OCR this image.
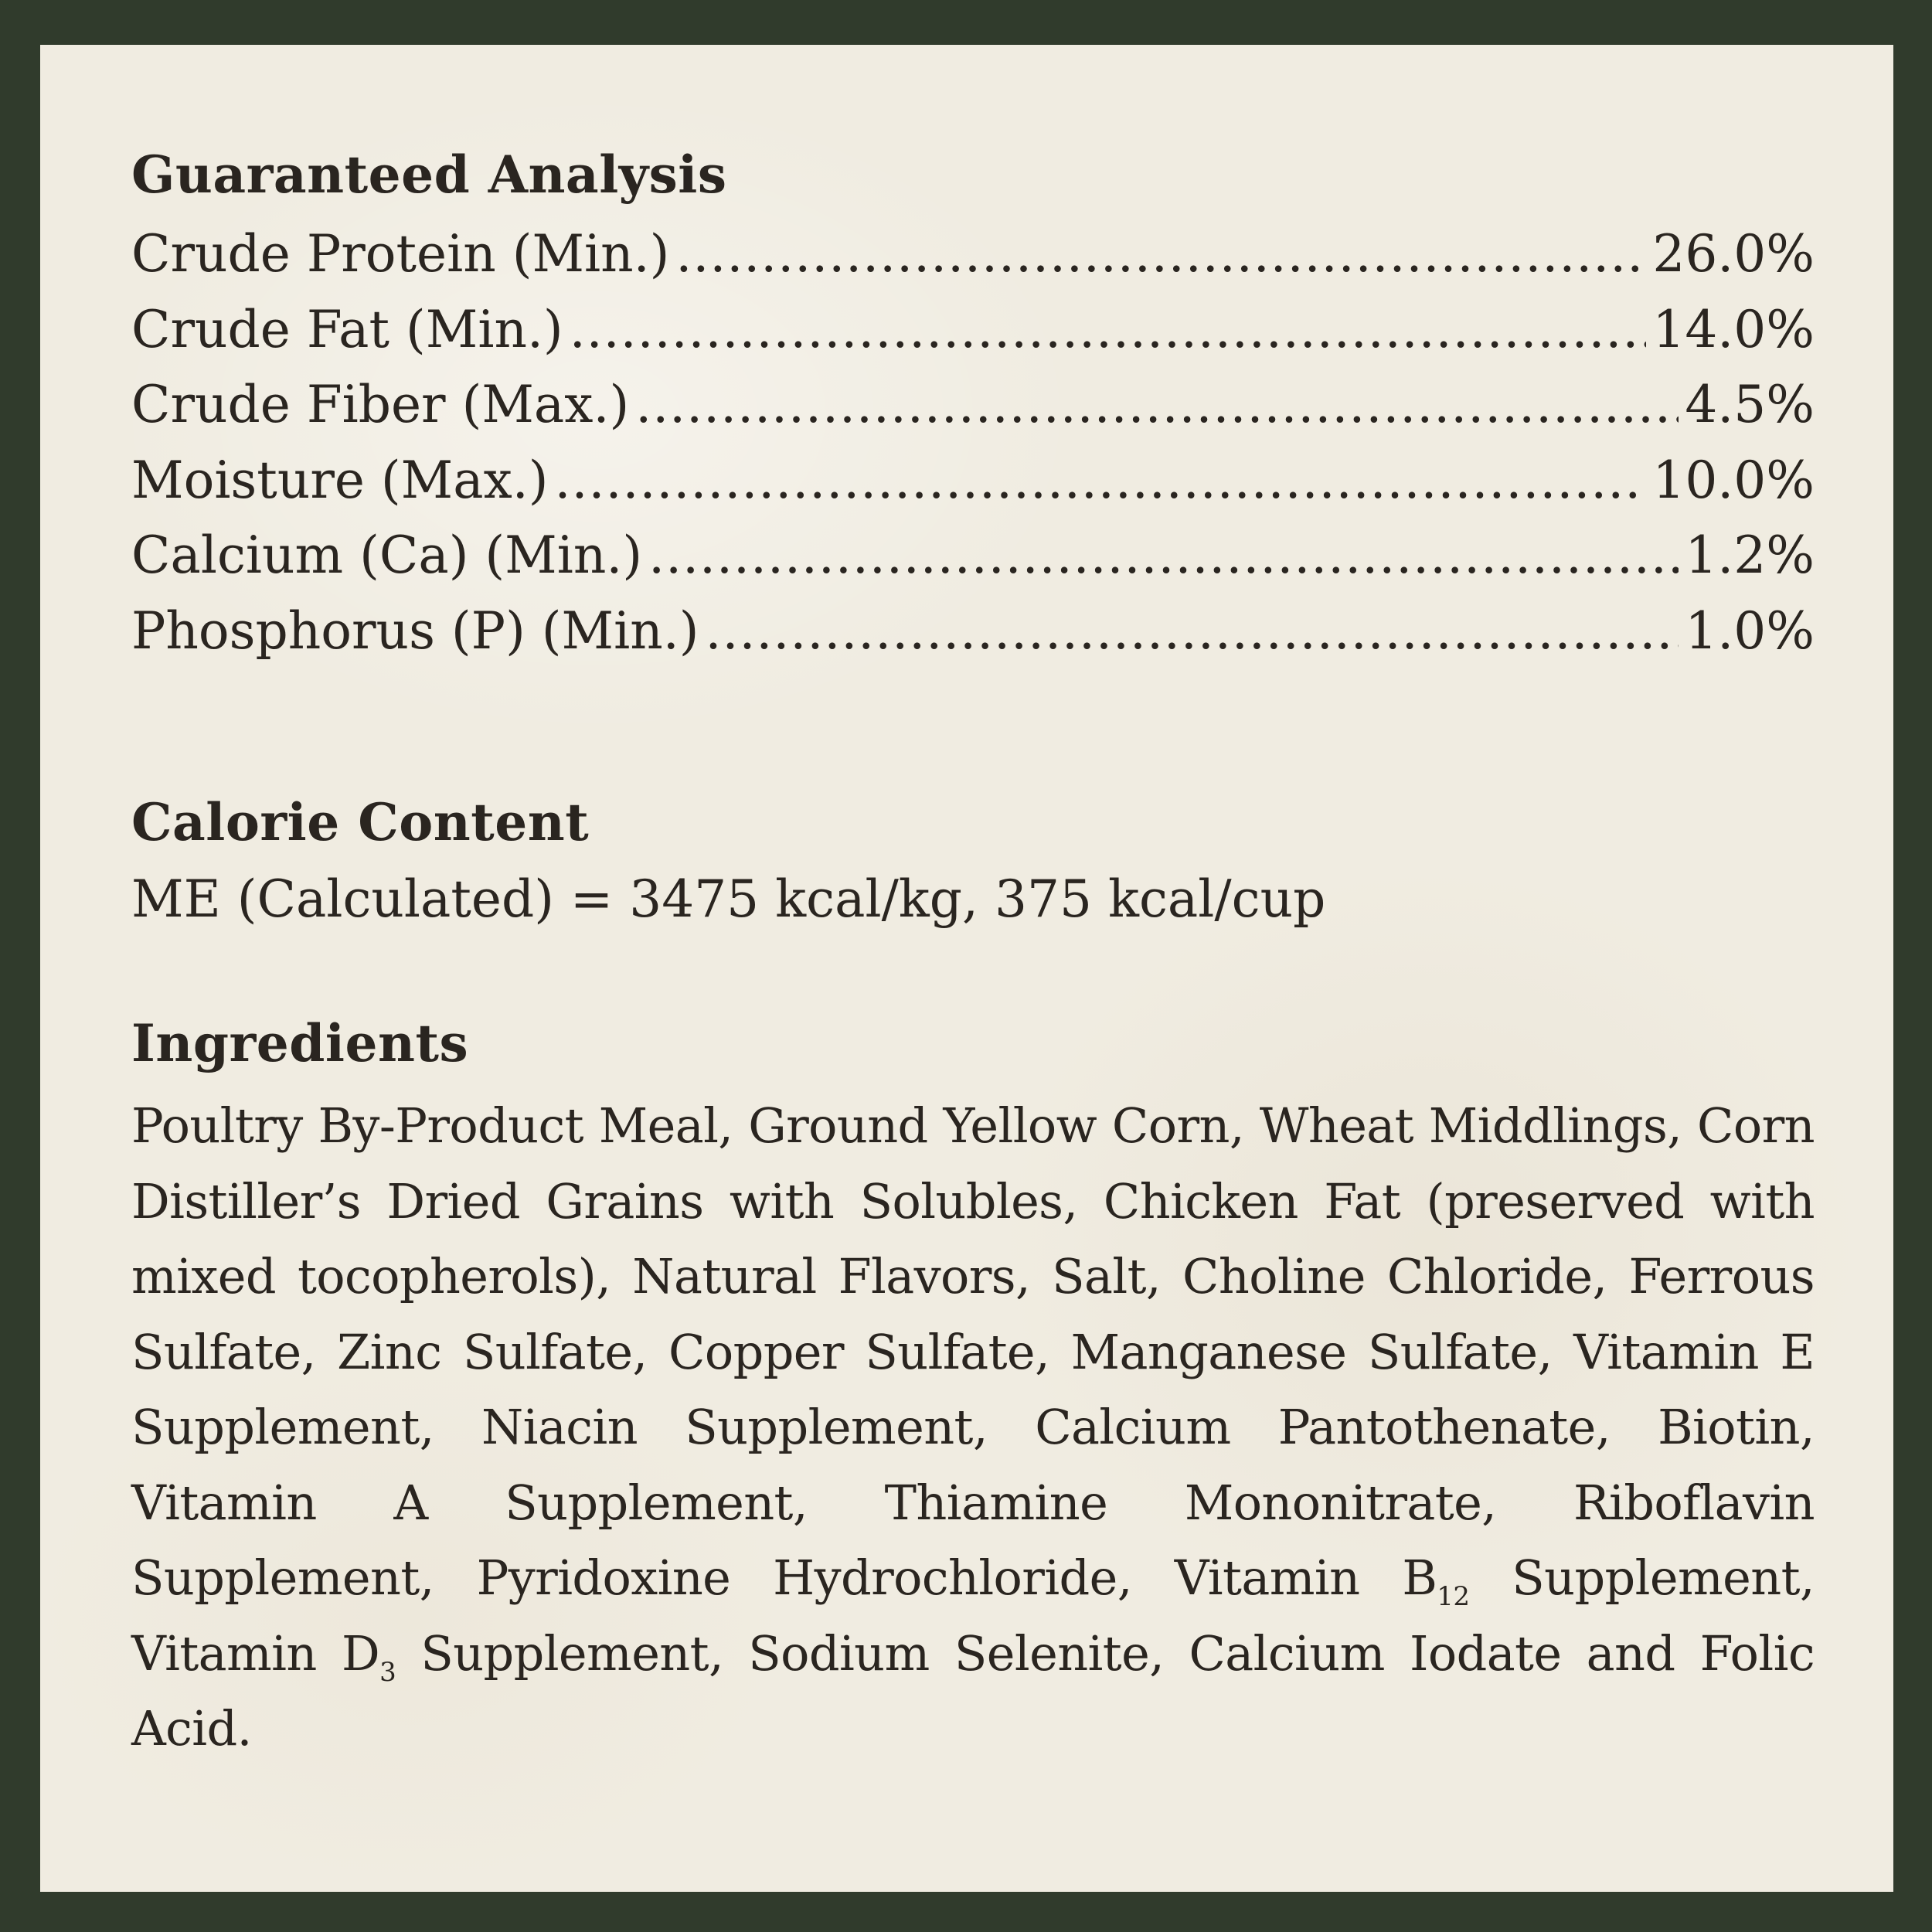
Guaranteed Analysis
Crude Protein (Min.) .....	26.0%
Crude Fat (Min.) .....	14.0%
Crude Fiber (Max.) .....	4.5%
Moisture (Max.) .....	10.0%
Calcium (Ca) (Min.) .....	1.2%
Phosphorus (P) (Min.) .....	1.0%
Calorie Content

ME (Calculated) = 3475 kcal/kg, 375 kcal/cup

Ingredients

Poultry By-Product Meal, Ground Yellow Corn, Wheat Middlings, Corn Distiller’s Dried Grains with Solubles, Chicken Fat (preserved with mixed tocopherols), Natural Flavors, Salt, Choline Chloride, Ferrous Sulfate, Zinc Sulfate, Copper Sulfate, Manganese Sulfate, Vitamin E Supplement, Niacin Supplement, Calcium Pantothenate, Biotin, Vitamin A Supplement, Thiamine Mononitrate, Riboflavin Supplement, Pyridoxine Hydrochloride, Vitamin $B_{12}$ Supplement, Vitamin $D_3$ Supplement, Sodium Selenite, Calcium Iodate and Folic Acid.
